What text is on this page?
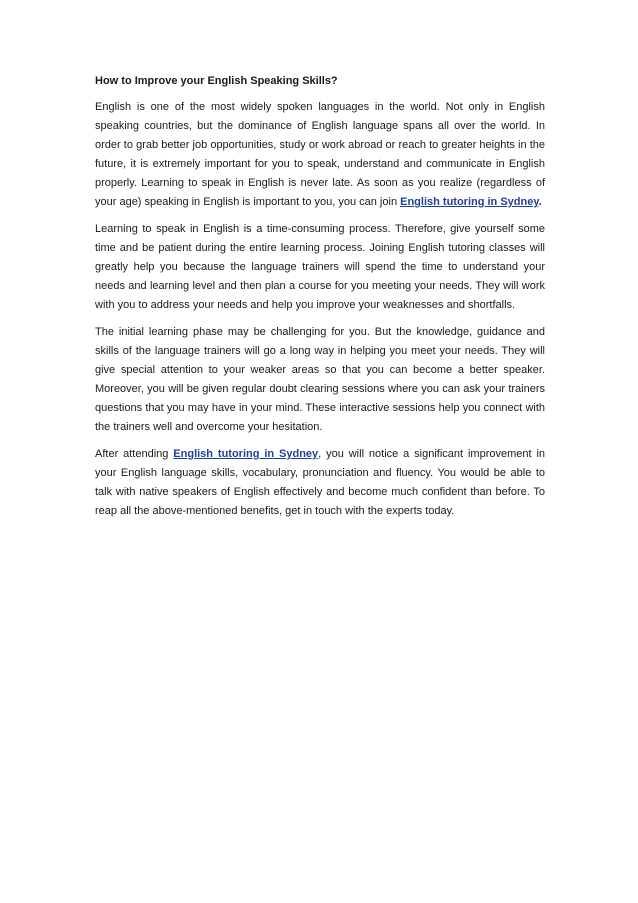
How to Improve your English Speaking Skills?

English is one of the most widely spoken languages in the world. Not only in English speaking countries, but the dominance of English language spans all over the world. In order to grab better job opportunities, study or work abroad or reach to greater heights in the future, it is extremely important for you to speak, understand and communicate in English properly. Learning to speak in English is never late. As soon as you realize (regardless of your age) speaking in English is important to you, you can join English tutoring in Sydney.

Learning to speak in English is a time-consuming process. Therefore, give yourself some time and be patient during the entire learning process. Joining English tutoring classes will greatly help you because the language trainers will spend the time to understand your needs and learning level and then plan a course for you meeting your needs. They will work with you to address your needs and help you improve your weaknesses and shortfalls.

The initial learning phase may be challenging for you. But the knowledge, guidance and skills of the language trainers will go a long way in helping you meet your needs. They will give special attention to your weaker areas so that you can become a better speaker. Moreover, you will be given regular doubt clearing sessions where you can ask your trainers questions that you may have in your mind. These interactive sessions help you connect with the trainers well and overcome your hesitation.

After attending English tutoring in Sydney, you will notice a significant improvement in your English language skills, vocabulary, pronunciation and fluency. You would be able to talk with native speakers of English effectively and become much confident than before. To reap all the above-mentioned benefits, get in touch with the experts today.
